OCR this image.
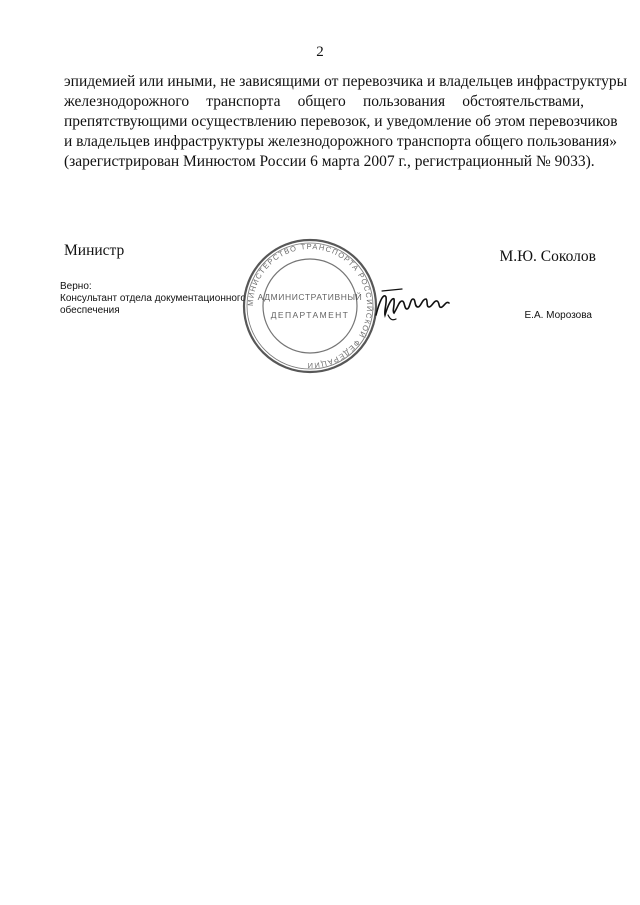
2
эпидемией или иными, не зависящими от перевозчика и владельцев инфраструктуры
железнодорожного транспорта общего пользования обстоятельствами,
препятствующими осуществлению перевозок, и уведомление об этом перевозчиков
и владельцев инфраструктуры железнодорожного транспорта общего пользования»
(зарегистрирован Минюстом России 6 марта 2007 г., регистрационный № 9033).
Министр	М.Ю. Соколов
Верно:
Консультант отдела документационного
обеспечения	Е.А. Морозова
МИНИСТЕРСТВО ТРАНСПОРТА РОССИЙСКОЙ ФЕДЕРАЦИИ
АДМИНИСТРАТИВНЫЙ
ДЕПАРТАМЕНТ
